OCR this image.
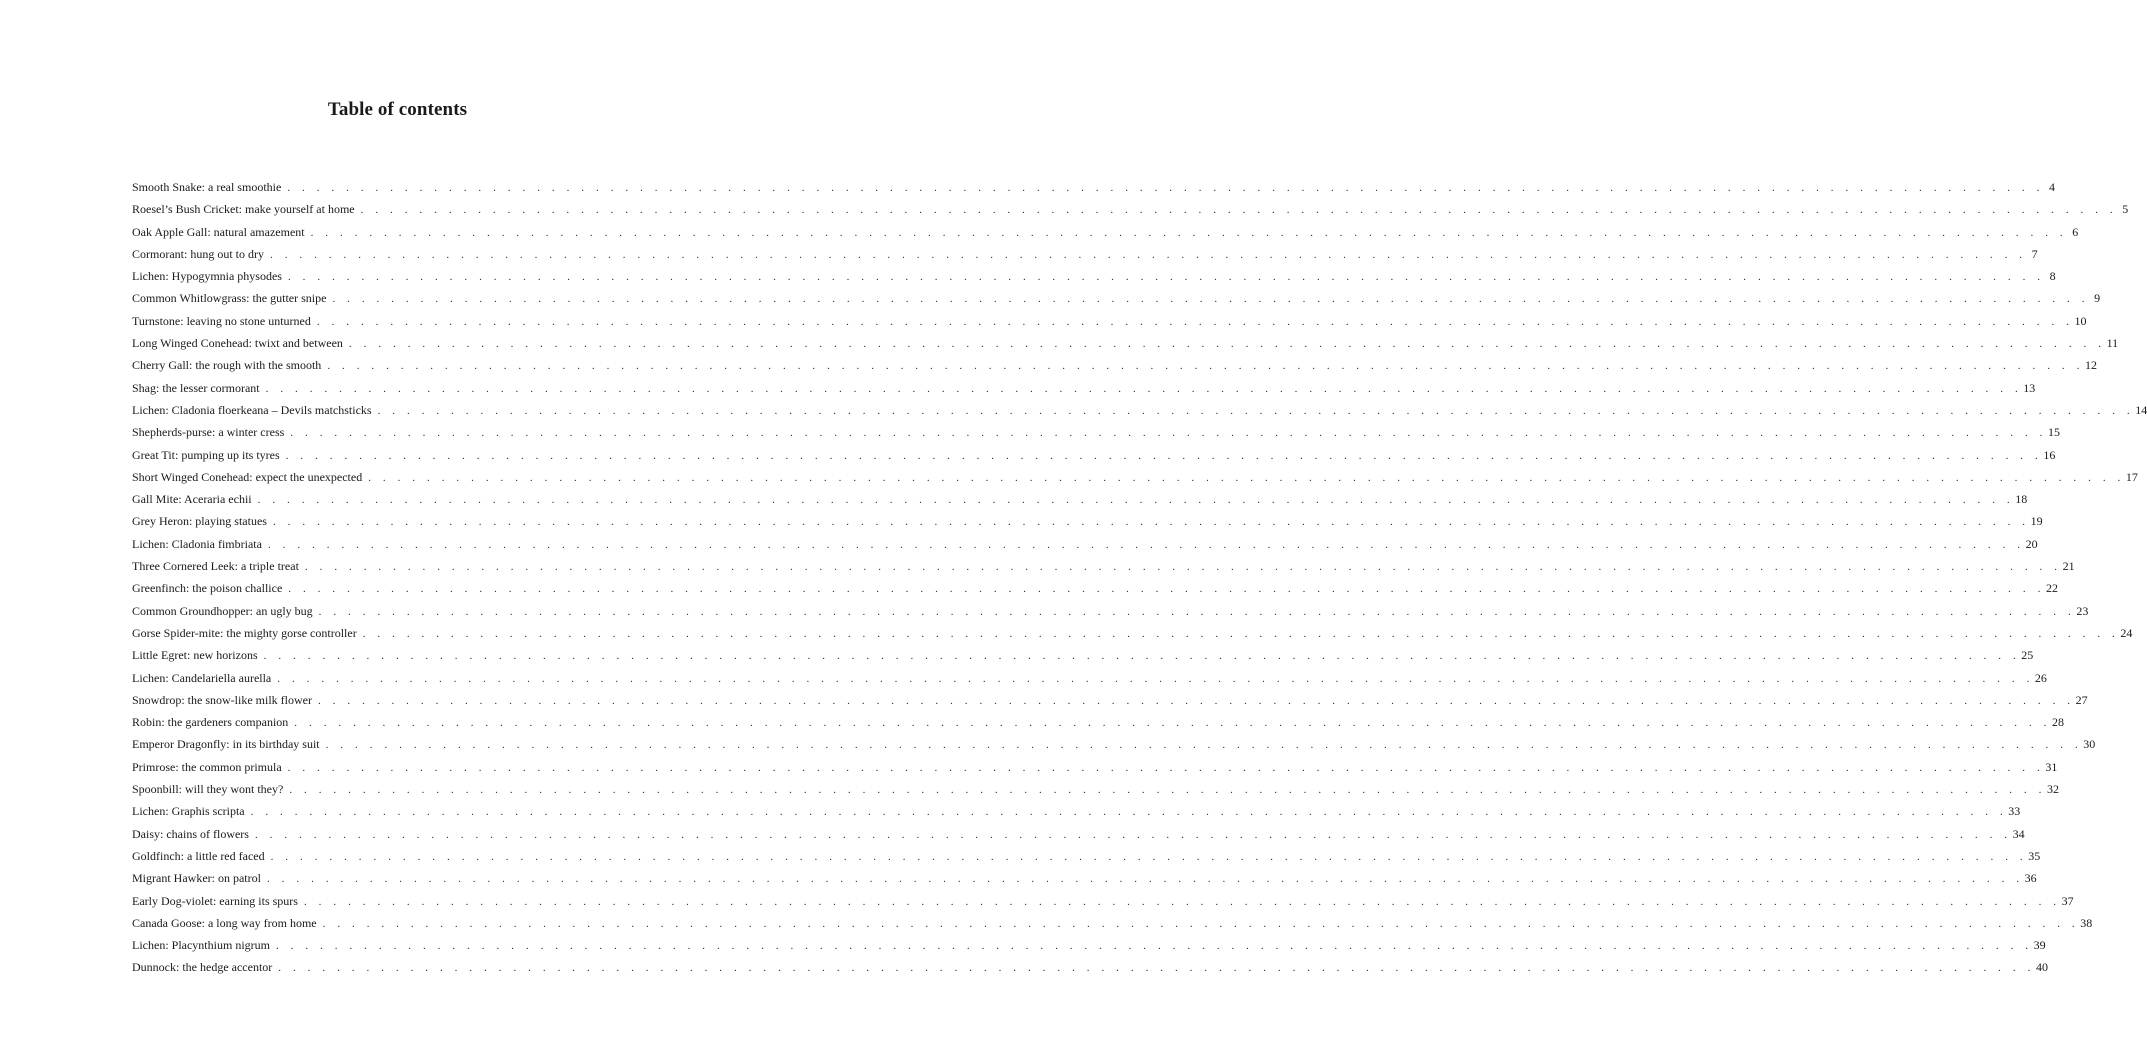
Table of contents
Smooth Snake: a real smoothie . . . . . . . . . . . . . . . . . . . . . . . . . . . . . . . . . . . . . . . . . . . . . . . . . . . . . . . . . . . . . . . . . . . . . . . . . . . . . . . . . . . . . . . . . . . . . . . . . . . . . . . . . . . . . . . . . . . . . . . . 4
Roesel’s Bush Cricket: make yourself at home . . . . . . . . . . . . . . . . . . . . . . . . . . . . . . . . . . . . . . . . . . . . . . . . . . . . . . . . . . . . . . . . . . . . . . . . . . . . . . . . . . . . . . . . . . . . . . . . . . . . . . . . . . . . . . . . . . . . . . . . 5
Oak Apple Gall: natural amazement . . . . . . . . . . . . . . . . . . . . . . . . . . . . . . . . . . . . . . . . . . . . . . . . . . . . . . . . . . . . . . . . . . . . . . . . . . . . . . . . . . . . . . . . . . . . . . . . . . . . . . . . . . . . . . . . . . . . . . . . 6
Cormorant: hung out to dry . . . . . . . . . . . . . . . . . . . . . . . . . . . . . . . . . . . . . . . . . . . . . . . . . . . . . . . . . . . . . . . . . . . . . . . . . . . . . . . . . . . . . . . . . . . . . . . . . . . . . . . . . . . . . . . . . . . . . . . . 7
Lichen: Hypogymnia physodes . . . . . . . . . . . . . . . . . . . . . . . . . . . . . . . . . . . . . . . . . . . . . . . . . . . . . . . . . . . . . . . . . . . . . . . . . . . . . . . . . . . . . . . . . . . . . . . . . . . . . . . . . . . . . . . . . . . . . . . . 8
Common Whitlowgrass: the gutter snipe . . . . . . . . . . . . . . . . . . . . . . . . . . . . . . . . . . . . . . . . . . . . . . . . . . . . . . . . . . . . . . . . . . . . . . . . . . . . . . . . . . . . . . . . . . . . . . . . . . . . . . . . . . . . . . . . . . . . . . . . 9
Turnstone: leaving no stone unturned . . . . . . . . . . . . . . . . . . . . . . . . . . . . . . . . . . . . . . . . . . . . . . . . . . . . . . . . . . . . . . . . . . . . . . . . . . . . . . . . . . . . . . . . . . . . . . . . . . . . . . . . . . . . . . . . . . . . . . . . 10
Long Winged Conehead: twixt and between . . . . . . . . . . . . . . . . . . . . . . . . . . . . . . . . . . . . . . . . . . . . . . . . . . . . . . . . . . . . . . . . . . . . . . . . . . . . . . . . . . . . . . . . . . . . . . . . . . . . . . . . . . . . . . . . . . . . . . . . 11
Cherry Gall: the rough with the smooth . . . . . . . . . . . . . . . . . . . . . . . . . . . . . . . . . . . . . . . . . . . . . . . . . . . . . . . . . . . . . . . . . . . . . . . . . . . . . . . . . . . . . . . . . . . . . . . . . . . . . . . . . . . . . . . . . . . . . . . . 12
Shag: the lesser cormorant . . . . . . . . . . . . . . . . . . . . . . . . . . . . . . . . . . . . . . . . . . . . . . . . . . . . . . . . . . . . . . . . . . . . . . . . . . . . . . . . . . . . . . . . . . . . . . . . . . . . . . . . . . . . . . . . . . . . . . . . 13
Lichen: Cladonia floerkeana – Devils matchsticks . . . . . . . . . . . . . . . . . . . . . . . . . . . . . . . . . . . . . . . . . . . . . . . . . . . . . . . . . . . . . . . . . . . . . . . . . . . . . . . . . . . . . . . . . . . . . . . . . . . . . . . . . . . . . . . . . . . . . . . . 14
Shepherds-purse: a winter cress . . . . . . . . . . . . . . . . . . . . . . . . . . . . . . . . . . . . . . . . . . . . . . . . . . . . . . . . . . . . . . . . . . . . . . . . . . . . . . . . . . . . . . . . . . . . . . . . . . . . . . . . . . . . . . . . . . . . . . . . 15
Great Tit: pumping up its tyres . . . . . . . . . . . . . . . . . . . . . . . . . . . . . . . . . . . . . . . . . . . . . . . . . . . . . . . . . . . . . . . . . . . . . . . . . . . . . . . . . . . . . . . . . . . . . . . . . . . . . . . . . . . . . . . . . . . . . . . . 16
Short Winged Conehead: expect the unexpected . . . . . . . . . . . . . . . . . . . . . . . . . . . . . . . . . . . . . . . . . . . . . . . . . . . . . . . . . . . . . . . . . . . . . . . . . . . . . . . . . . . . . . . . . . . . . . . . . . . . . . . . . . . . . . . . . . . . . . . . 17
Gall Mite: Aceraria echii . . . . . . . . . . . . . . . . . . . . . . . . . . . . . . . . . . . . . . . . . . . . . . . . . . . . . . . . . . . . . . . . . . . . . . . . . . . . . . . . . . . . . . . . . . . . . . . . . . . . . . . . . . . . . . . . . . . . . . . . 18
Grey Heron: playing statues . . . . . . . . . . . . . . . . . . . . . . . . . . . . . . . . . . . . . . . . . . . . . . . . . . . . . . . . . . . . . . . . . . . . . . . . . . . . . . . . . . . . . . . . . . . . . . . . . . . . . . . . . . . . . . . . . . . . . . . . 19
Lichen: Cladonia fimbriata . . . . . . . . . . . . . . . . . . . . . . . . . . . . . . . . . . . . . . . . . . . . . . . . . . . . . . . . . . . . . . . . . . . . . . . . . . . . . . . . . . . . . . . . . . . . . . . . . . . . . . . . . . . . . . . . . . . . . . . . 20
Three Cornered Leek: a triple treat . . . . . . . . . . . . . . . . . . . . . . . . . . . . . . . . . . . . . . . . . . . . . . . . . . . . . . . . . . . . . . . . . . . . . . . . . . . . . . . . . . . . . . . . . . . . . . . . . . . . . . . . . . . . . . . . . . . . . . . . 21
Greenfinch: the poison challice . . . . . . . . . . . . . . . . . . . . . . . . . . . . . . . . . . . . . . . . . . . . . . . . . . . . . . . . . . . . . . . . . . . . . . . . . . . . . . . . . . . . . . . . . . . . . . . . . . . . . . . . . . . . . . . . . . . . . . . . 22
Common Groundhopper: an ugly bug . . . . . . . . . . . . . . . . . . . . . . . . . . . . . . . . . . . . . . . . . . . . . . . . . . . . . . . . . . . . . . . . . . . . . . . . . . . . . . . . . . . . . . . . . . . . . . . . . . . . . . . . . . . . . . . . . . . . . . . . 23
Gorse Spider-mite: the mighty gorse controller . . . . . . . . . . . . . . . . . . . . . . . . . . . . . . . . . . . . . . . . . . . . . . . . . . . . . . . . . . . . . . . . . . . . . . . . . . . . . . . . . . . . . . . . . . . . . . . . . . . . . . . . . . . . . . . . . . . . . . . . 24
Little Egret: new horizons . . . . . . . . . . . . . . . . . . . . . . . . . . . . . . . . . . . . . . . . . . . . . . . . . . . . . . . . . . . . . . . . . . . . . . . . . . . . . . . . . . . . . . . . . . . . . . . . . . . . . . . . . . . . . . . . . . . . . . . . 25
Lichen: Candelariella aurella . . . . . . . . . . . . . . . . . . . . . . . . . . . . . . . . . . . . . . . . . . . . . . . . . . . . . . . . . . . . . . . . . . . . . . . . . . . . . . . . . . . . . . . . . . . . . . . . . . . . . . . . . . . . . . . . . . . . . . . . 26
Snowdrop: the snow-like milk flower . . . . . . . . . . . . . . . . . . . . . . . . . . . . . . . . . . . . . . . . . . . . . . . . . . . . . . . . . . . . . . . . . . . . . . . . . . . . . . . . . . . . . . . . . . . . . . . . . . . . . . . . . . . . . . . . . . . . . . . . 27
Robin: the gardeners companion . . . . . . . . . . . . . . . . . . . . . . . . . . . . . . . . . . . . . . . . . . . . . . . . . . . . . . . . . . . . . . . . . . . . . . . . . . . . . . . . . . . . . . . . . . . . . . . . . . . . . . . . . . . . . . . . . . . . . . . . 28
Emperor Dragonfly: in its birthday suit . . . . . . . . . . . . . . . . . . . . . . . . . . . . . . . . . . . . . . . . . . . . . . . . . . . . . . . . . . . . . . . . . . . . . . . . . . . . . . . . . . . . . . . . . . . . . . . . . . . . . . . . . . . . . . . . . . . . . . . . 30
Primrose: the common primula . . . . . . . . . . . . . . . . . . . . . . . . . . . . . . . . . . . . . . . . . . . . . . . . . . . . . . . . . . . . . . . . . . . . . . . . . . . . . . . . . . . . . . . . . . . . . . . . . . . . . . . . . . . . . . . . . . . . . . . . 31
Spoonbill: will they wont they? . . . . . . . . . . . . . . . . . . . . . . . . . . . . . . . . . . . . . . . . . . . . . . . . . . . . . . . . . . . . . . . . . . . . . . . . . . . . . . . . . . . . . . . . . . . . . . . . . . . . . . . . . . . . . . . . . . . . . . . . 32
Lichen: Graphis scripta . . . . . . . . . . . . . . . . . . . . . . . . . . . . . . . . . . . . . . . . . . . . . . . . . . . . . . . . . . . . . . . . . . . . . . . . . . . . . . . . . . . . . . . . . . . . . . . . . . . . . . . . . . . . . . . . . . . . . . . . 33
Daisy: chains of flowers . . . . . . . . . . . . . . . . . . . . . . . . . . . . . . . . . . . . . . . . . . . . . . . . . . . . . . . . . . . . . . . . . . . . . . . . . . . . . . . . . . . . . . . . . . . . . . . . . . . . . . . . . . . . . . . . . . . . . . . . 34
Goldfinch: a little red faced . . . . . . . . . . . . . . . . . . . . . . . . . . . . . . . . . . . . . . . . . . . . . . . . . . . . . . . . . . . . . . . . . . . . . . . . . . . . . . . . . . . . . . . . . . . . . . . . . . . . . . . . . . . . . . . . . . . . . . . . 35
Migrant Hawker: on patrol . . . . . . . . . . . . . . . . . . . . . . . . . . . . . . . . . . . . . . . . . . . . . . . . . . . . . . . . . . . . . . . . . . . . . . . . . . . . . . . . . . . . . . . . . . . . . . . . . . . . . . . . . . . . . . . . . . . . . . . . 36
Early Dog-violet: earning its spurs . . . . . . . . . . . . . . . . . . . . . . . . . . . . . . . . . . . . . . . . . . . . . . . . . . . . . . . . . . . . . . . . . . . . . . . . . . . . . . . . . . . . . . . . . . . . . . . . . . . . . . . . . . . . . . . . . . . . . . . . 37
Canada Goose: a long way from home . . . . . . . . . . . . . . . . . . . . . . . . . . . . . . . . . . . . . . . . . . . . . . . . . . . . . . . . . . . . . . . . . . . . . . . . . . . . . . . . . . . . . . . . . . . . . . . . . . . . . . . . . . . . . . . . . . . . . . . . 38
Lichen: Placynthium nigrum . . . . . . . . . . . . . . . . . . . . . . . . . . . . . . . . . . . . . . . . . . . . . . . . . . . . . . . . . . . . . . . . . . . . . . . . . . . . . . . . . . . . . . . . . . . . . . . . . . . . . . . . . . . . . . . . . . . . . . . . 39
Dunnock: the hedge accentor . . . . . . . . . . . . . . . . . . . . . . . . . . . . . . . . . . . . . . . . . . . . . . . . . . . . . . . . . . . . . . . . . . . . . . . . . . . . . . . . . . . . . . . . . . . . . . . . . . . . . . . . . . . . . . . . . . . . . . . . 40
